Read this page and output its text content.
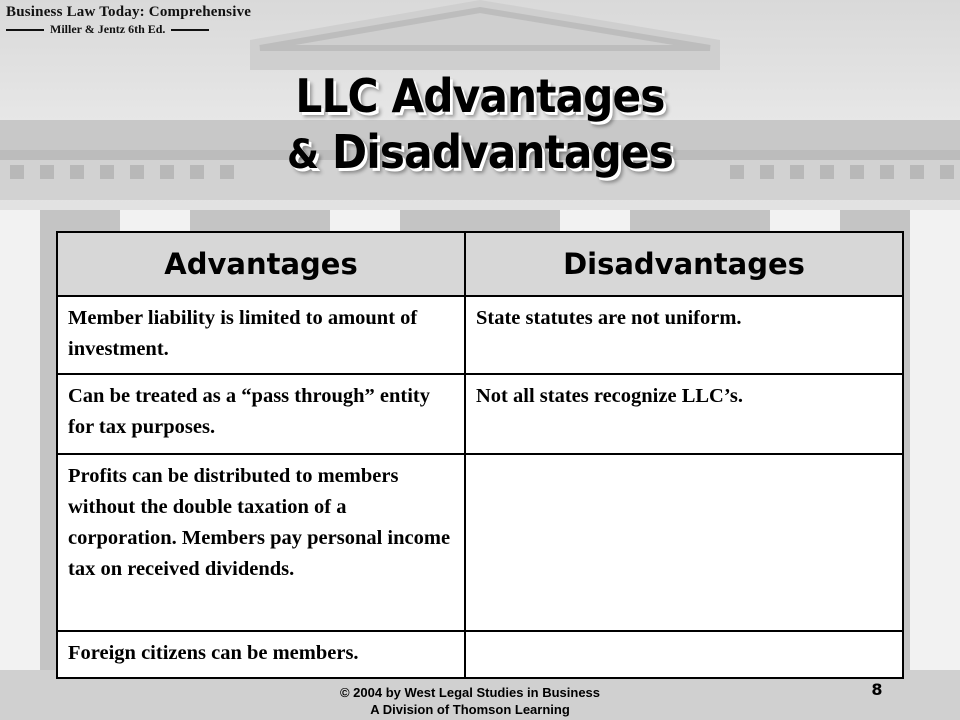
Business Law Today: Comprehensive
Miller & Jentz 6th Ed.
LLC Advantages
& Disadvantages
Advantages	Disadvantages
Member liability is limited to amount of investment.	State statutes are not uniform.
Can be treated as a “pass through” entity for tax purposes.	Not all states recognize LLC’s.
Profits can be distributed to members without the double taxation of a corporation. Members pay personal income tax on received dividends.	
Foreign citizens can be members.	
© 2004 by West Legal Studies in Business
A Division of Thomson Learning
8
